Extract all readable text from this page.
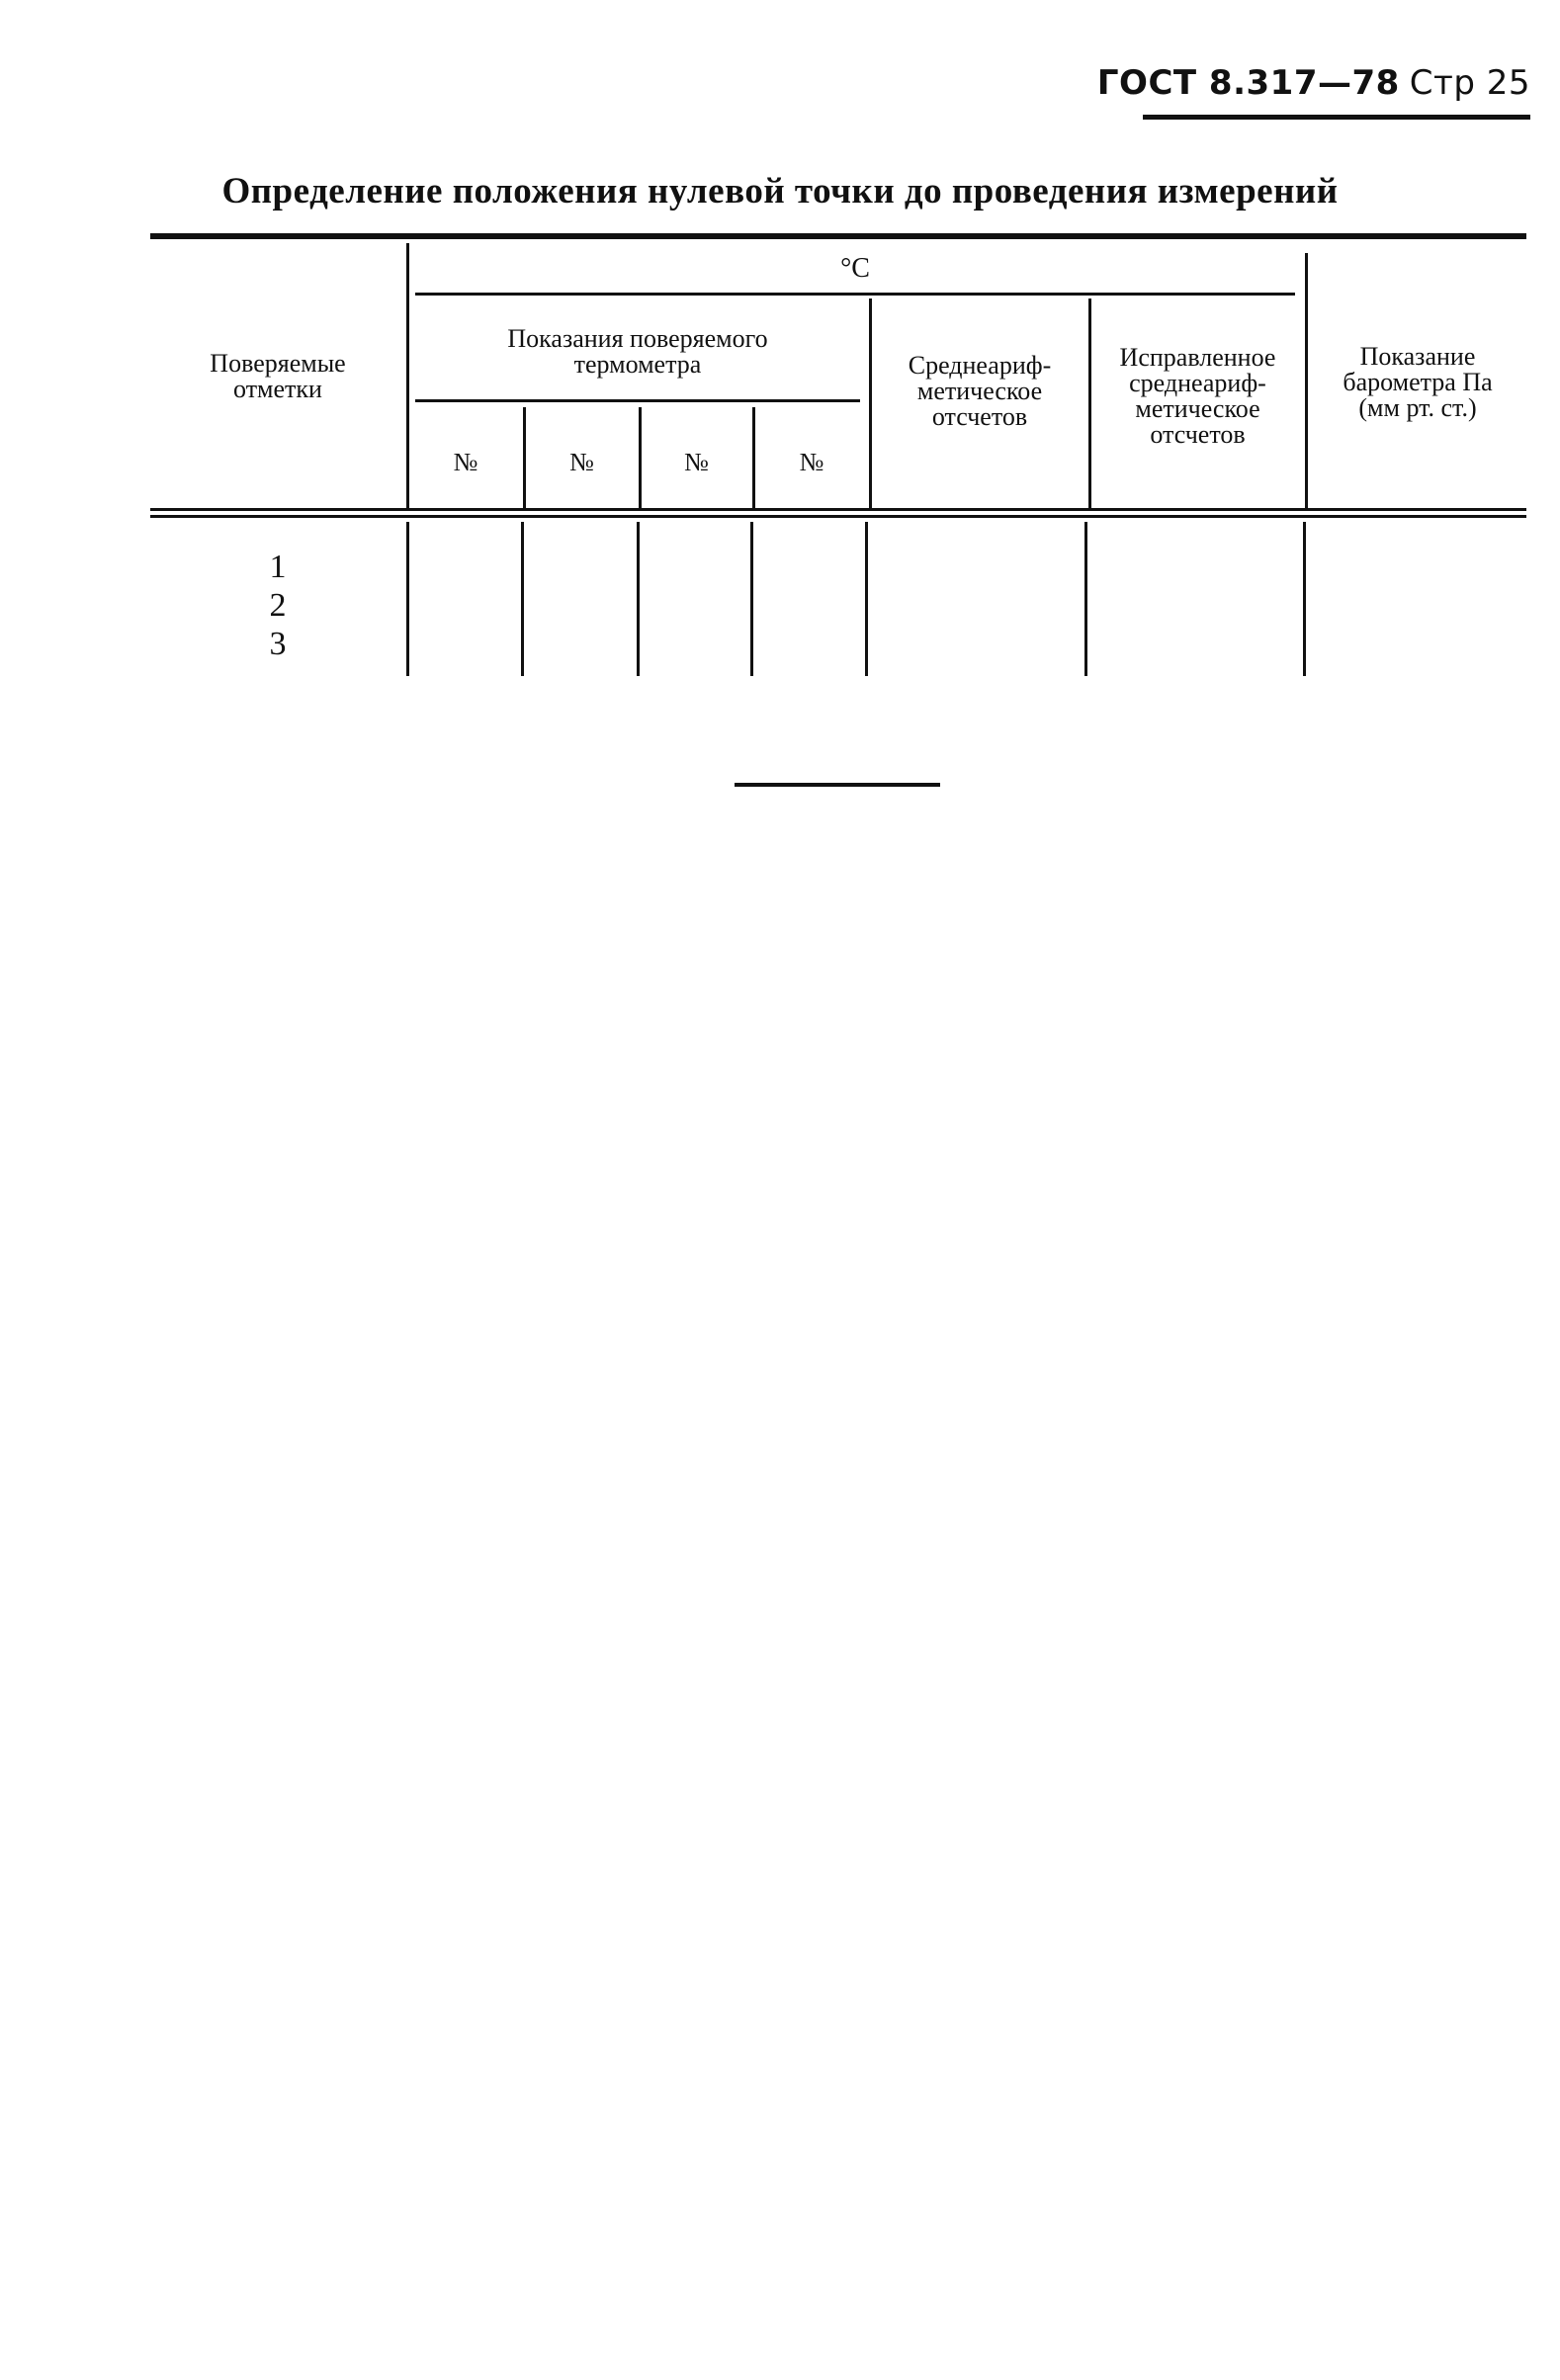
ГОСТ 8.317—78 Стр 25
Определение положения нулевой точки до проведения измерений
Поверяемые
отметки
°C
Показания поверяемого
термометра
№	№	№	№
Среднеариф-
метическое
отсчетов
Исправленное
среднеариф-
метическое
отсчетов
Показание
барометра Па
(мм рт. ст.)
1
2
3
